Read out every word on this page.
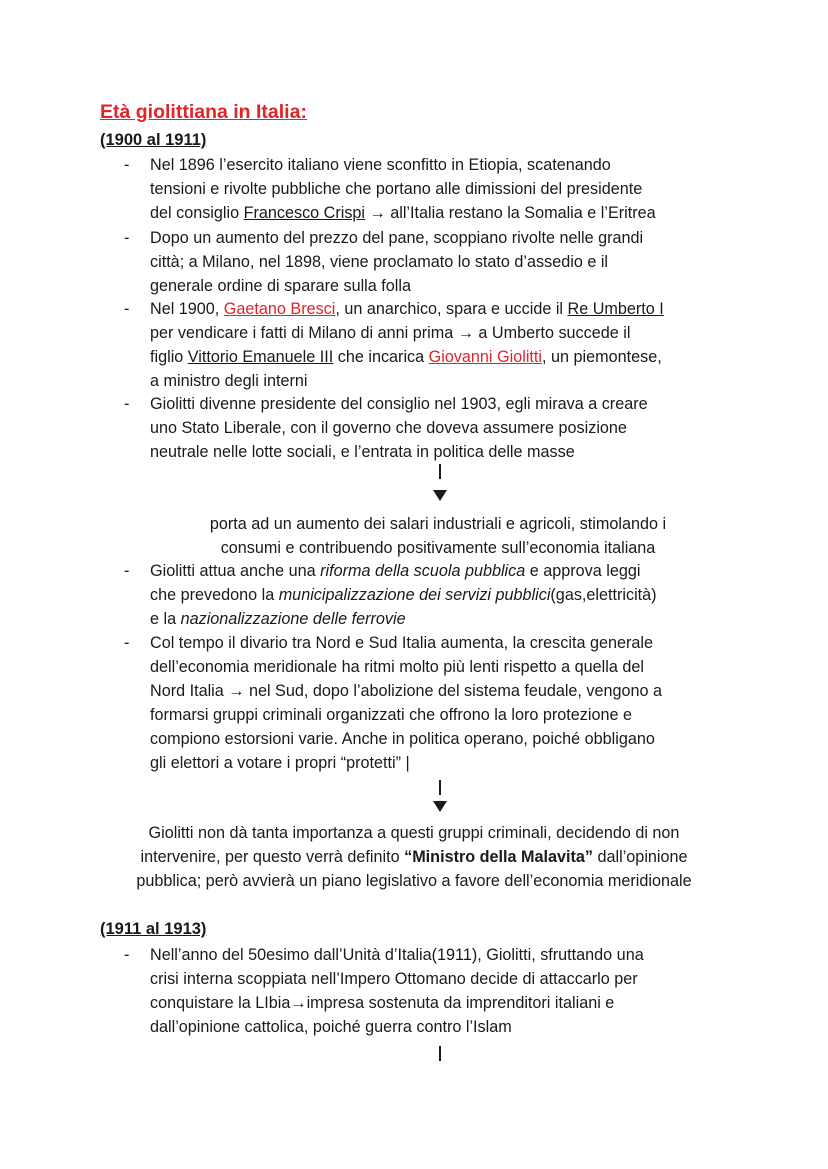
Età giolittiana in Italia:
(1900 al 1911)
- Nel 1896 l’esercito italiano viene sconfitto in Etiopia, scatenando
tensioni e rivolte pubbliche che portano alle dimissioni del presidente
del consiglio Francesco Crispi → all’Italia restano la Somalia e l’Eritrea
- Dopo un aumento del prezzo del pane, scoppiano rivolte nelle grandi
città; a Milano, nel 1898, viene proclamato lo stato d’assedio e il
generale ordine di sparare sulla folla
- Nel 1900, Gaetano Bresci, un anarchico, spara e uccide il Re Umberto I
per vendicare i fatti di Milano di anni prima → a Umberto succede il
figlio Vittorio Emanuele III che incarica Giovanni Giolitti, un piemontese,
a ministro degli interni
- Giolitti divenne presidente del consiglio nel 1903, egli mirava a creare
uno Stato Liberale, con il governo che doveva assumere posizione
neutrale nelle lotte sociali, e l’entrata in politica delle masse
porta ad un aumento dei salari industriali e agricoli, stimolando i
consumi e contribuendo positivamente sull’economia italiana
- Giolitti attua anche una riforma della scuola pubblica e approva leggi
che prevedono la municipalizzazione dei servizi pubblici(gas,elettricità)
e la nazionalizzazione delle ferrovie
- Col tempo il divario tra Nord e Sud Italia aumenta, la crescita generale
dell’economia meridionale ha ritmi molto più lenti rispetto a quella del
Nord Italia → nel Sud, dopo l’abolizione del sistema feudale, vengono a
formarsi gruppi criminali organizzati che offrono la loro protezione e
compiono estorsioni varie. Anche in politica operano, poiché obbligano
gli elettori a votare i propri “protetti” |
Giolitti non dà tanta importanza a questi gruppi criminali, decidendo di non
intervenire, per questo verrà definito “Ministro della Malavita” dall’opinione
pubblica; però avvierà un piano legislativo a favore dell’economia meridionale
(1911 al 1913)
- Nell’anno del 50esimo dall’Unità d’Italia(1911), Giolitti, sfruttando una
crisi interna scoppiata nell’Impero Ottomano decide di attaccarlo per
conquistare la LIbia→impresa sostenuta da imprenditori italiani e
dall’opinione cattolica, poiché guerra contro l’Islam
